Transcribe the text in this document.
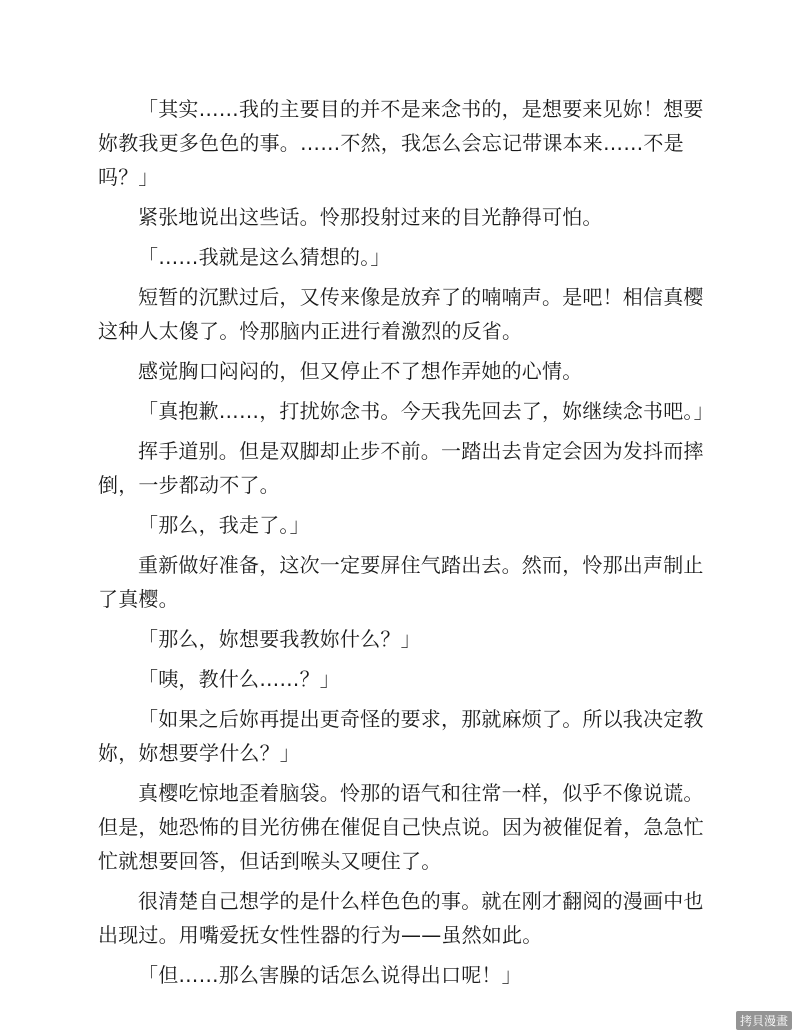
「其实……我的主要目的并不是来念书的，是想要来见妳！想要妳教我更多色色的事。……不然，我怎么会忘记带课本来……不是吗？」

紧张地说出这些话。怜那投射过来的目光静得可怕。

「……我就是这么猜想的。」

短暂的沉默过后，又传来像是放弃了的喃喃声。是吧！相信真樱这种人太傻了。怜那脑内正进行着激烈的反省。

感觉胸口闷闷的，但又停止不了想作弄她的心情。

「真抱歉……，打扰妳念书。今天我先回去了，妳继续念书吧。」

挥手道别。但是双脚却止步不前。一踏出去肯定会因为发抖而摔倒，一步都动不了。

「那么，我走了。」

重新做好准备，这次一定要屏住气踏出去。然而，怜那出声制止了真樱。

「那么，妳想要我教妳什么？」

「咦，教什么……？」

「如果之后妳再提出更奇怪的要求，那就麻烦了。所以我决定教妳，妳想要学什么？」

真樱吃惊地歪着脑袋。怜那的语气和往常一样，似乎不像说谎。但是，她恐怖的目光彷佛在催促自己快点说。因为被催促着，急急忙忙就想要回答，但话到喉头又哽住了。

很清楚自己想学的是什么样色色的事。就在刚才翻阅的漫画中也出现过。用嘴爱抚女性性器的行为——虽然如此。

「但……那么害臊的话怎么说得出口呢！」

拷貝漫畫
